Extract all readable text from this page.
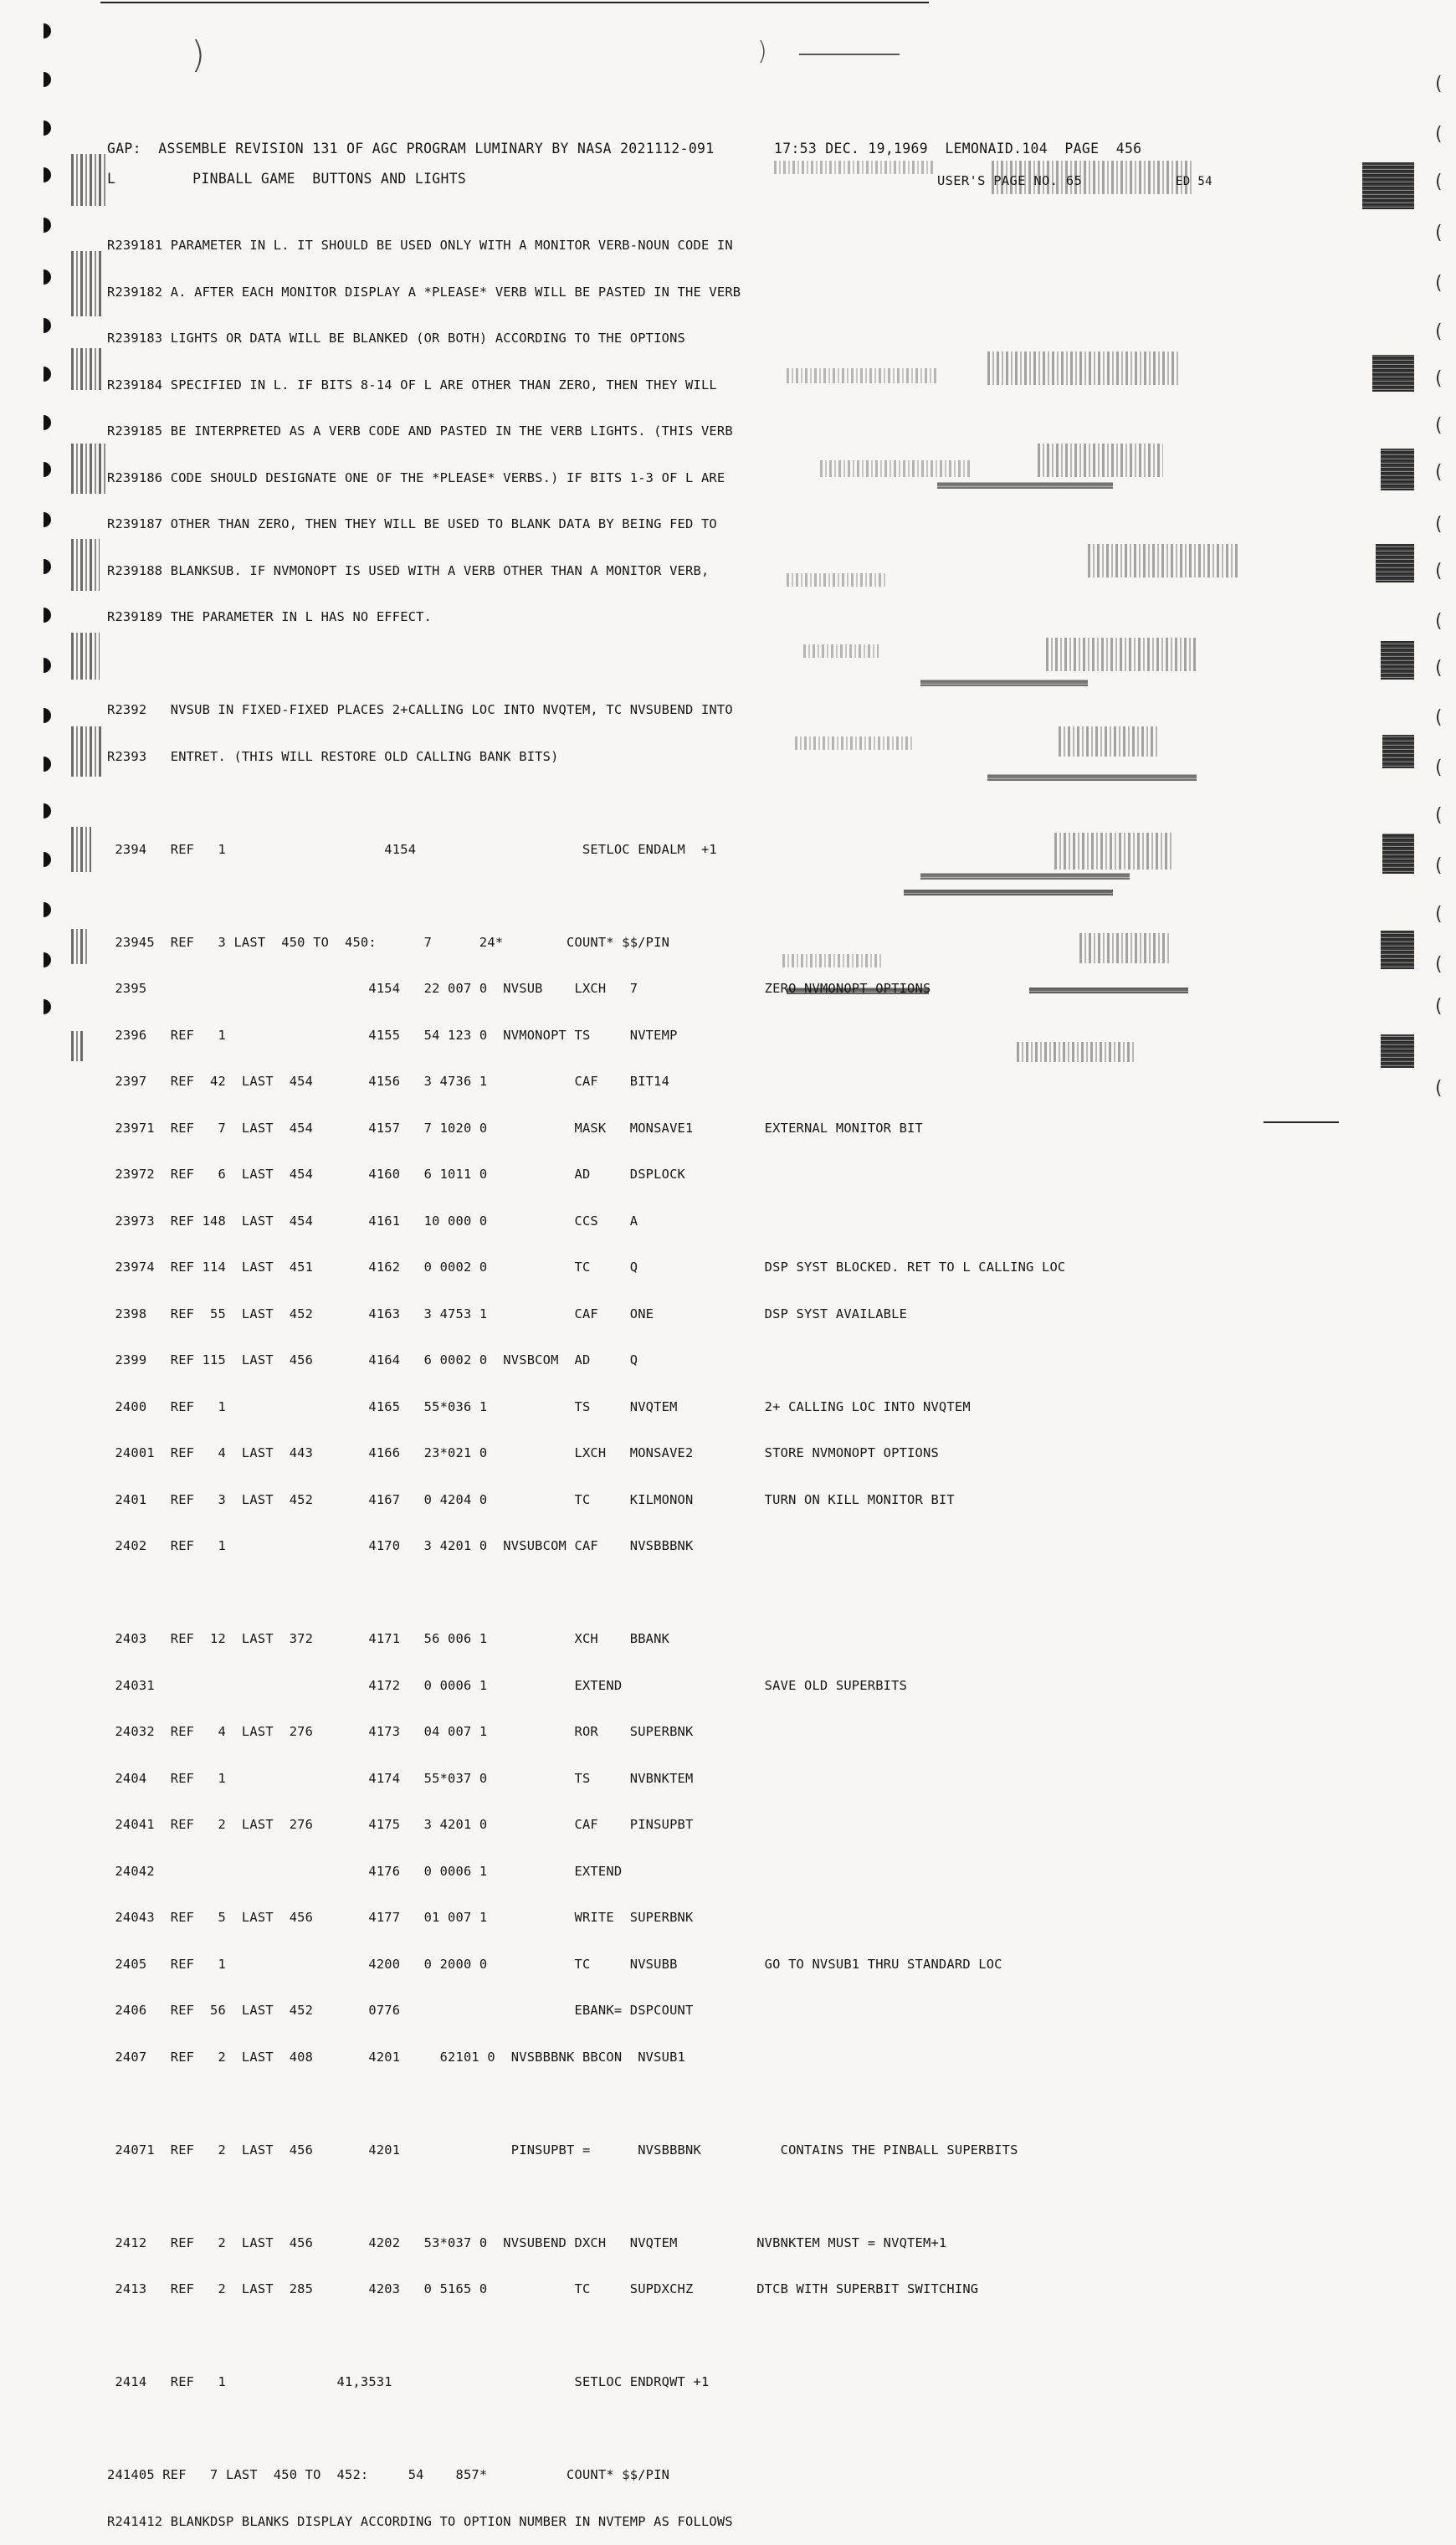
)	)
(
(
(
(
(
(
(
(
(
(
(
(
(
(
(
(
(
(
(
(
(
GAP:  ASSEMBLE REVISION 131 OF AGC PROGRAM LUMINARY BY NASA 2021112-091       17:53 DEC. 19,1969  LEMONAID.104  PAGE  456
L         PINBALL GAME  BUTTONS AND LIGHTS	USER'S PAGE NO. 65	ED 54

R239181 PARAMETER IN L. IT SHOULD BE USED ONLY WITH A MONITOR VERB-NOUN CODE IN

R239182 A. AFTER EACH MONITOR DISPLAY A *PLEASE* VERB WILL BE PASTED IN THE VERB

R239183 LIGHTS OR DATA WILL BE BLANKED (OR BOTH) ACCORDING TO THE OPTIONS

R239184 SPECIFIED IN L. IF BITS 8-14 OF L ARE OTHER THAN ZERO, THEN THEY WILL

R239185 BE INTERPRETED AS A VERB CODE AND PASTED IN THE VERB LIGHTS. (THIS VERB

R239186 CODE SHOULD DESIGNATE ONE OF THE *PLEASE* VERBS.) IF BITS 1-3 OF L ARE

R239187 OTHER THAN ZERO, THEN THEY WILL BE USED TO BLANK DATA BY BEING FED TO

R239188 BLANKSUB. IF NVMONOPT IS USED WITH A VERB OTHER THAN A MONITOR VERB,

R239189 THE PARAMETER IN L HAS NO EFFECT.

R2392   NVSUB IN FIXED-FIXED PLACES 2+CALLING LOC INTO NVQTEM, TC NVSUBEND INTO

R2393   ENTRET. (THIS WILL RESTORE OLD CALLING BANK BITS)

2394   REF   1                    4154                     SETLOC ENDALM  +1

23945  REF   3 LAST  450 TO  450:      7      24*        COUNT* $$/PIN

2395                            4154   22 007 0  NVSUB    LXCH   7                ZERO NVMONOPT OPTIONS

2396   REF   1                  4155   54 123 0  NVMONOPT TS     NVTEMP

2397   REF  42  LAST  454       4156   3 4736 1           CAF    BIT14

23971  REF   7  LAST  454       4157   7 1020 0           MASK   MONSAVE1         EXTERNAL MONITOR BIT

23972  REF   6  LAST  454       4160   6 1011 0           AD     DSPLOCK

23973  REF 148  LAST  454       4161   10 000 0           CCS    A

23974  REF 114  LAST  451       4162   0 0002 0           TC     Q                DSP SYST BLOCKED. RET TO L CALLING LOC

2398   REF  55  LAST  452       4163   3 4753 1           CAF    ONE              DSP SYST AVAILABLE

2399   REF 115  LAST  456       4164   6 0002 0  NVSBCOM  AD     Q

2400   REF   1                  4165   55*036 1           TS     NVQTEM           2+ CALLING LOC INTO NVQTEM

24001  REF   4  LAST  443       4166   23*021 0           LXCH   MONSAVE2         STORE NVMONOPT OPTIONS

2401   REF   3  LAST  452       4167   0 4204 0           TC     KILMONON         TURN ON KILL MONITOR BIT

2402   REF   1                  4170   3 4201 0  NVSUBCOM CAF    NVSBBBNK

2403   REF  12  LAST  372       4171   56 006 1           XCH    BBANK

24031                           4172   0 0006 1           EXTEND                  SAVE OLD SUPERBITS

24032  REF   4  LAST  276       4173   04 007 1           ROR    SUPERBNK

2404   REF   1                  4174   55*037 0           TS     NVBNKTEM

24041  REF   2  LAST  276       4175   3 4201 0           CAF    PINSUPBT

24042                           4176   0 0006 1           EXTEND

24043  REF   5  LAST  456       4177   01 007 1           WRITE  SUPERBNK

2405   REF   1                  4200   0 2000 0           TC     NVSUBB           GO TO NVSUB1 THRU STANDARD LOC

2406   REF  56  LAST  452       0776                      EBANK= DSPCOUNT

2407   REF   2  LAST  408       4201     62101 0  NVSBBBNK BBCON  NVSUB1

24071  REF   2  LAST  456       4201              PINSUPBT =      NVSBBBNK          CONTAINS THE PINBALL SUPERBITS

2412   REF   2  LAST  456       4202   53*037 0  NVSUBEND DXCH   NVQTEM          NVBNKTEM MUST = NVQTEM+1

2413   REF   2  LAST  285       4203   0 5165 0           TC     SUPDXCHZ        DTCB WITH SUPERBIT SWITCHING

2414   REF   1              41,3531                       SETLOC ENDRQWT +1

241405 REF   7 LAST  450 TO  452:     54    857*          COUNT* $$/PIN

R241412 BLANKDSP BLANKS DISPLAY ACCORDING TO OPTION NUMBER IN NVTEMP AS FOLLOWS
